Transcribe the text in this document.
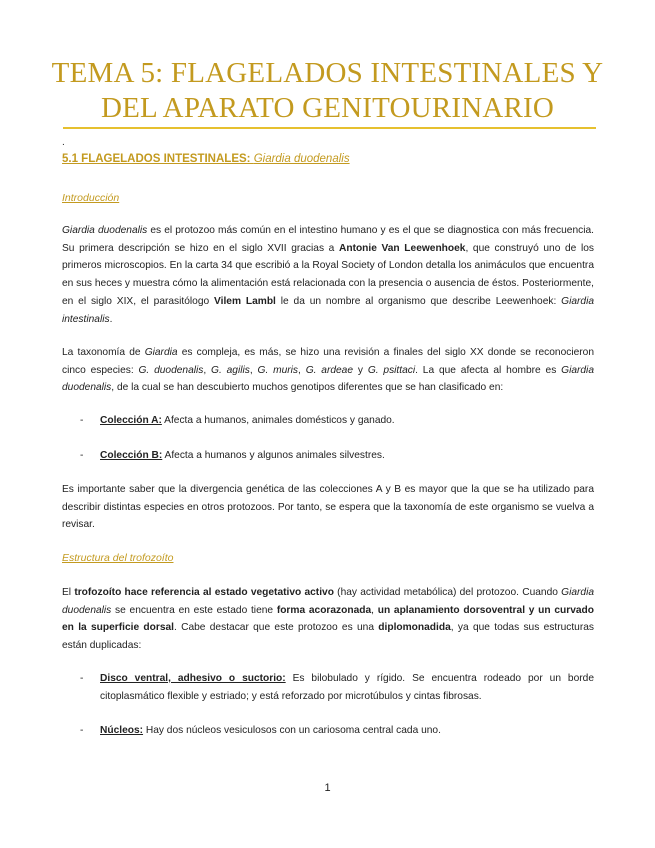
TEMA 5: FLAGELADOS INTESTINALES Y
DEL APARATO GENITOURINARIO
.

5.1 FLAGELADOS INTESTINALES: Giardia duodenalis

Introducción

Giardia duodenalis es el protozoo más común en el intestino humano y es el que se diagnostica con más frecuencia. Su primera descripción se hizo en el siglo XVII gracias a Antonie Van Leewenhoek, que construyó uno de los primeros microscopios. En la carta 34 que escribió a la Royal Society of London detalla los animáculos que encuentra en sus heces y muestra cómo la alimentación está relacionada con la presencia o ausencia de éstos. Posteriormente, en el siglo XIX, el parasitólogo Vilem Lambl le da un nombre al organismo que describe Leewenhoek: Giardia intestinalis.

La taxonomía de Giardia es compleja, es más, se hizo una revisión a finales del siglo XX donde se reconocieron cinco especies: G. duodenalis, G. agilis, G. muris, G. ardeae y G. psittaci. La que afecta al hombre es Giardia duodenalis, de la cual se han descubierto muchos genotipos diferentes que se han clasificado en:

-	Colección A: Afecta a humanos, animales domésticos y ganado.
-	Colección B: Afecta a humanos y algunos animales silvestres.

Es importante saber que la divergencia genética de las colecciones A y B es mayor que la que se ha utilizado para describir distintas especies en otros protozoos. Por tanto, se espera que la taxonomía de este organismo se vuelva a revisar.

Estructura del trofozoíto

El trofozoíto hace referencia al estado vegetativo activo (hay actividad metabólica) del protozoo. Cuando Giardia duodenalis se encuentra en este estado tiene forma acorazonada, un aplanamiento dorsoventral y un curvado en la superficie dorsal. Cabe destacar que este protozoo es una diplomonadida, ya que todas sus estructuras están duplicadas:

-	Disco ventral, adhesivo o suctorio: Es bilobulado y rígido. Se encuentra rodeado por un borde citoplasmático flexible y estriado; y está reforzado por microtúbulos y cintas fibrosas.
-	Núcleos: Hay dos núcleos vesiculosos con un cariosoma central cada uno.
1
